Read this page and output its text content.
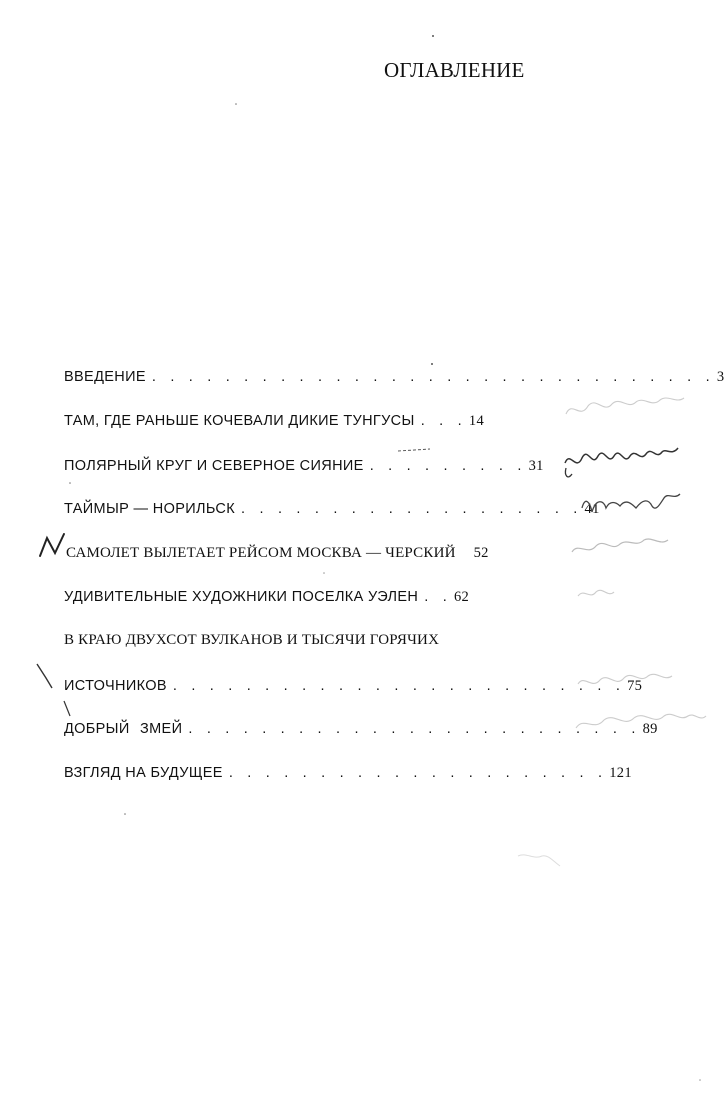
ОГЛАВЛЕНИЕ
ВВЕДЕНИЕ . . . . . . . . . . . . . . . . . . . . . . . . . . . . . . . 3
ТАМ, ГДЕ РАНЬШЕ КОЧЕВАЛИ ДИКИЕ ТУНГУСЫ . . . 14
ПОЛЯРНЫЙ КРУГ И СЕВЕРНОЕ СИЯНИЕ . . . . . . . . . 31
ТАЙМЫР — НОРИЛЬСК . . . . . . . . . . . . . . . . . . . 41
САМОЛЕТ ВЫЛЕТАЕТ РЕЙСОМ МОСКВА — ЧЕРСКИЙ 52
УДИВИТЕЛЬНЫЕ ХУДОЖНИКИ ПОСЕЛКА УЭЛЕН . . 62
В КРАЮ ДВУХСОТ ВУЛКАНОВ И ТЫСЯЧИ ГОРЯЧИХ
ИСТОЧНИКОВ . . . . . . . . . . . . . . . . . . . . . . . . . 75
ДОБРЫЙ ЗМЕЙ . . . . . . . . . . . . . . . . . . . . . . . . . 89
ВЗГЛЯД НА БУДУЩЕЕ . . . . . . . . . . . . . . . . . . . . . 121
